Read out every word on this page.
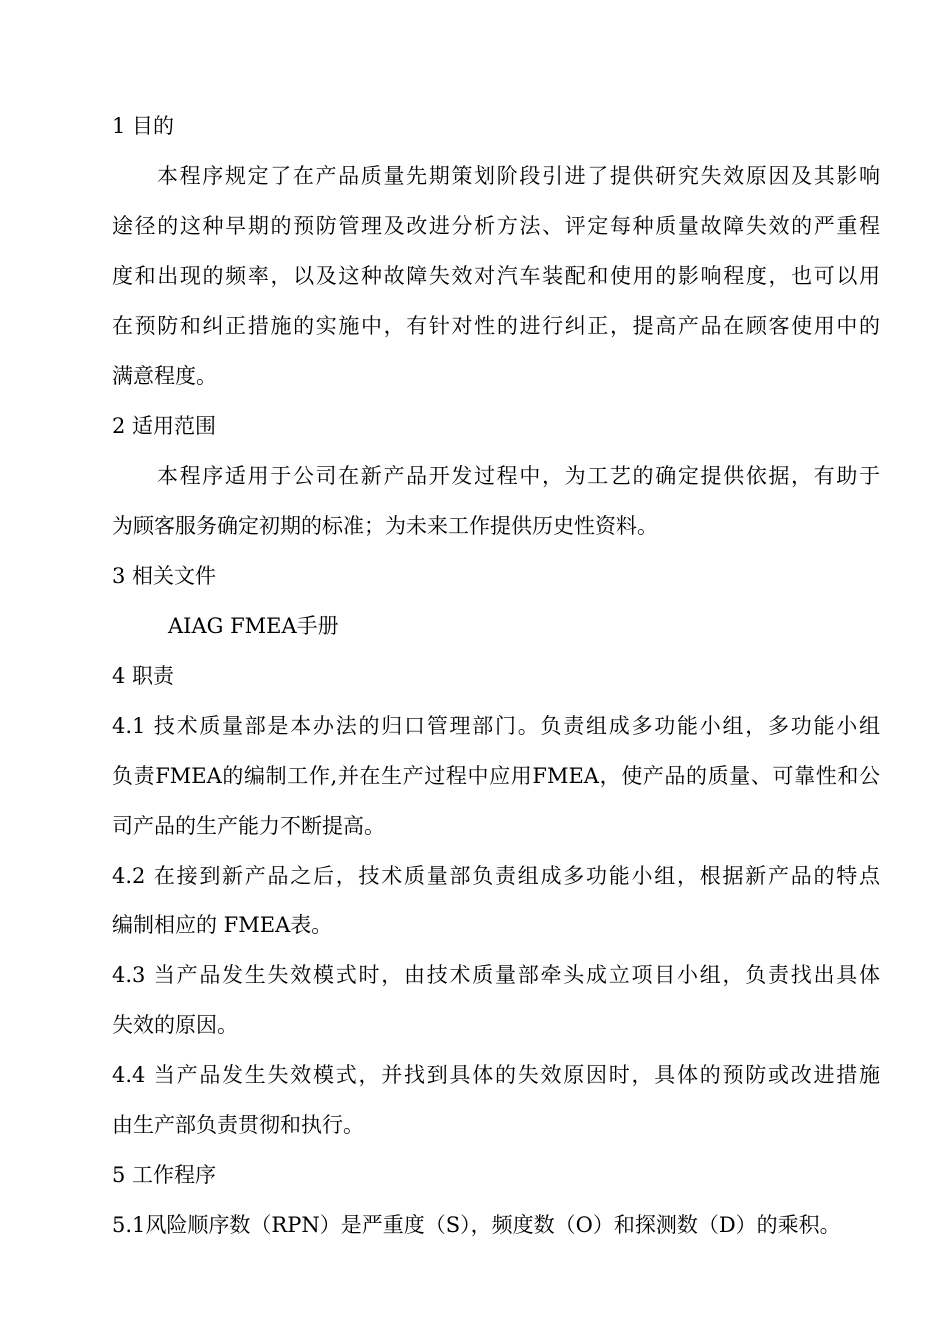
1 目的
本程序规定了在产品质量先期策划阶段引进了提供研究失效原因及其影响
途径的这种早期的预防管理及改进分析方法、评定每种质量故障失效的严重程
度和出现的频率，以及这种故障失效对汽车装配和使用的影响程度，也可以用
在预防和纠正措施的实施中，有针对性的进行纠正，提高产品在顾客使用中的
满意程度。
2 适用范围
本程序适用于公司在新产品开发过程中，为工艺的确定提供依据，有助于
为顾客服务确定初期的标准；为未来工作提供历史性资料。
3 相关文件
AIAG FMEA手册
4 职责
4.1 技术质量部是本办法的归口管理部门。负责组成多功能小组，多功能小组
负责FMEA的编制工作,并在生产过程中应用FMEA，使产品的质量、可靠性和公
司产品的生产能力不断提高。
4.2 在接到新产品之后，技术质量部负责组成多功能小组，根据新产品的特点
编制相应的 FMEA表。
4.3 当产品发生失效模式时，由技术质量部牵头成立项目小组，负责找出具体
失效的原因。
4.4 当产品发生失效模式，并找到具体的失效原因时，具体的预防或改进措施
由生产部负责贯彻和执行。
5 工作程序
5.1风险顺序数（RPN）是严重度（S），频度数（O）和探测数（D）的乘积。
